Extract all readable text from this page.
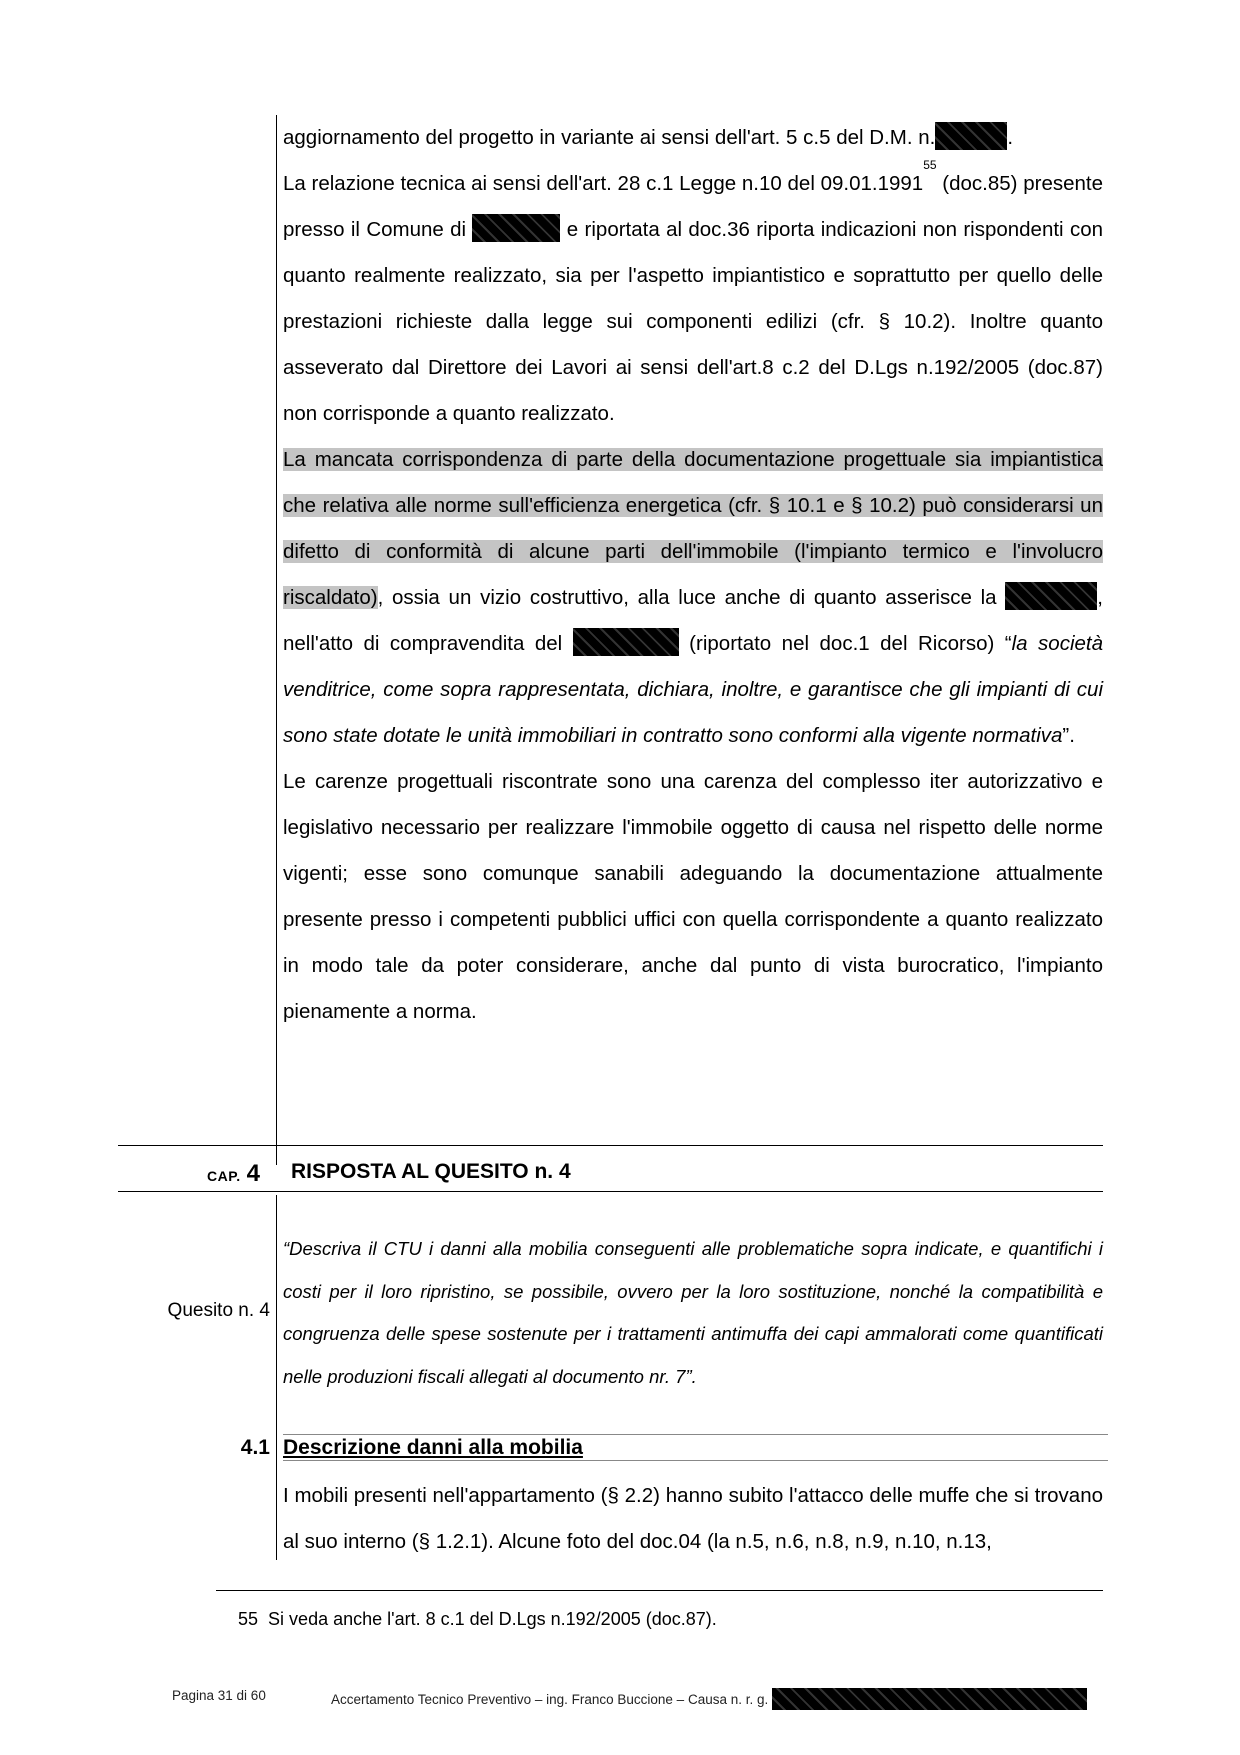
aggiornamento del progetto in variante ai sensi dell'art. 5 c.5 del D.M. n.	.

La relazione tecnica ai sensi dell'art. 28 c.1 Legge n.10 del 09.01.1991$^{55}$ (doc.85) presente presso il Comune di	e riportata al doc.36 riporta indicazioni non rispondenti con quanto realmente realizzato, sia per l'aspetto impiantistico e soprattutto per quello delle prestazioni richieste dalla legge sui componenti edilizi (cfr. § 10.2). Inoltre quanto asseverato dal Direttore dei Lavori ai sensi dell'art.8 c.2 del D.Lgs n.192/2005 (doc.87) non corrisponde a quanto realizzato.

La mancata corrispondenza di parte della documentazione progettuale sia impiantistica che relativa alle norme sull'efficienza energetica (cfr. § 10.1 e § 10.2) può considerarsi un difetto di conformità di alcune parti dell'immobile (l'impianto termico e l'involucro riscaldato), ossia un vizio costruttivo, alla luce anche di quanto asserisce la	, nell'atto di compravendita del	(riportato nel doc.1 del Ricorso) “la società venditrice, come sopra rappresentata, dichiara, inoltre, e garantisce che gli impianti di cui sono state dotate le unità immobiliari in contratto sono conformi alla vigente normativa”.

Le carenze progettuali riscontrate sono una carenza del complesso iter autorizzativo e legislativo necessario per realizzare l'immobile oggetto di causa nel rispetto delle norme vigenti; esse sono comunque sanabili adeguando la documentazione attualmente presente presso i competenti pubblici uffici con quella corrispondente a quanto realizzato in modo tale da poter considerare, anche dal punto di vista burocratico, l'impianto pienamente a norma.

CAP. 4 RISPOSTA AL QUESITO n. 4
Quesito n. 4
“Descriva il CTU i danni alla mobilia conseguenti alle problematiche sopra indicate, e quantifichi i costi per il loro ripristino, se possibile, ovvero per la loro sostituzione, nonché la compatibilità e congruenza delle spese sostenute per i trattamenti antimuffa dei capi ammalorati come quantificati nelle produzioni fiscali allegati al documento nr. 7”.
4.1 Descrizione danni alla mobilia
I mobili presenti nell'appartamento (§ 2.2) hanno subito l'attacco delle muffe che si trovano al suo interno (§ 1.2.1). Alcune foto del doc.04 (la n.5, n.6, n.8, n.9, n.10, n.13,
55 Si veda anche l'art. 8 c.1 del D.Lgs n.192/2005 (doc.87).
Pagina 31 di 60	Accertamento Tecnico Preventivo – ing. Franco Buccione – Causa n. r. g.
